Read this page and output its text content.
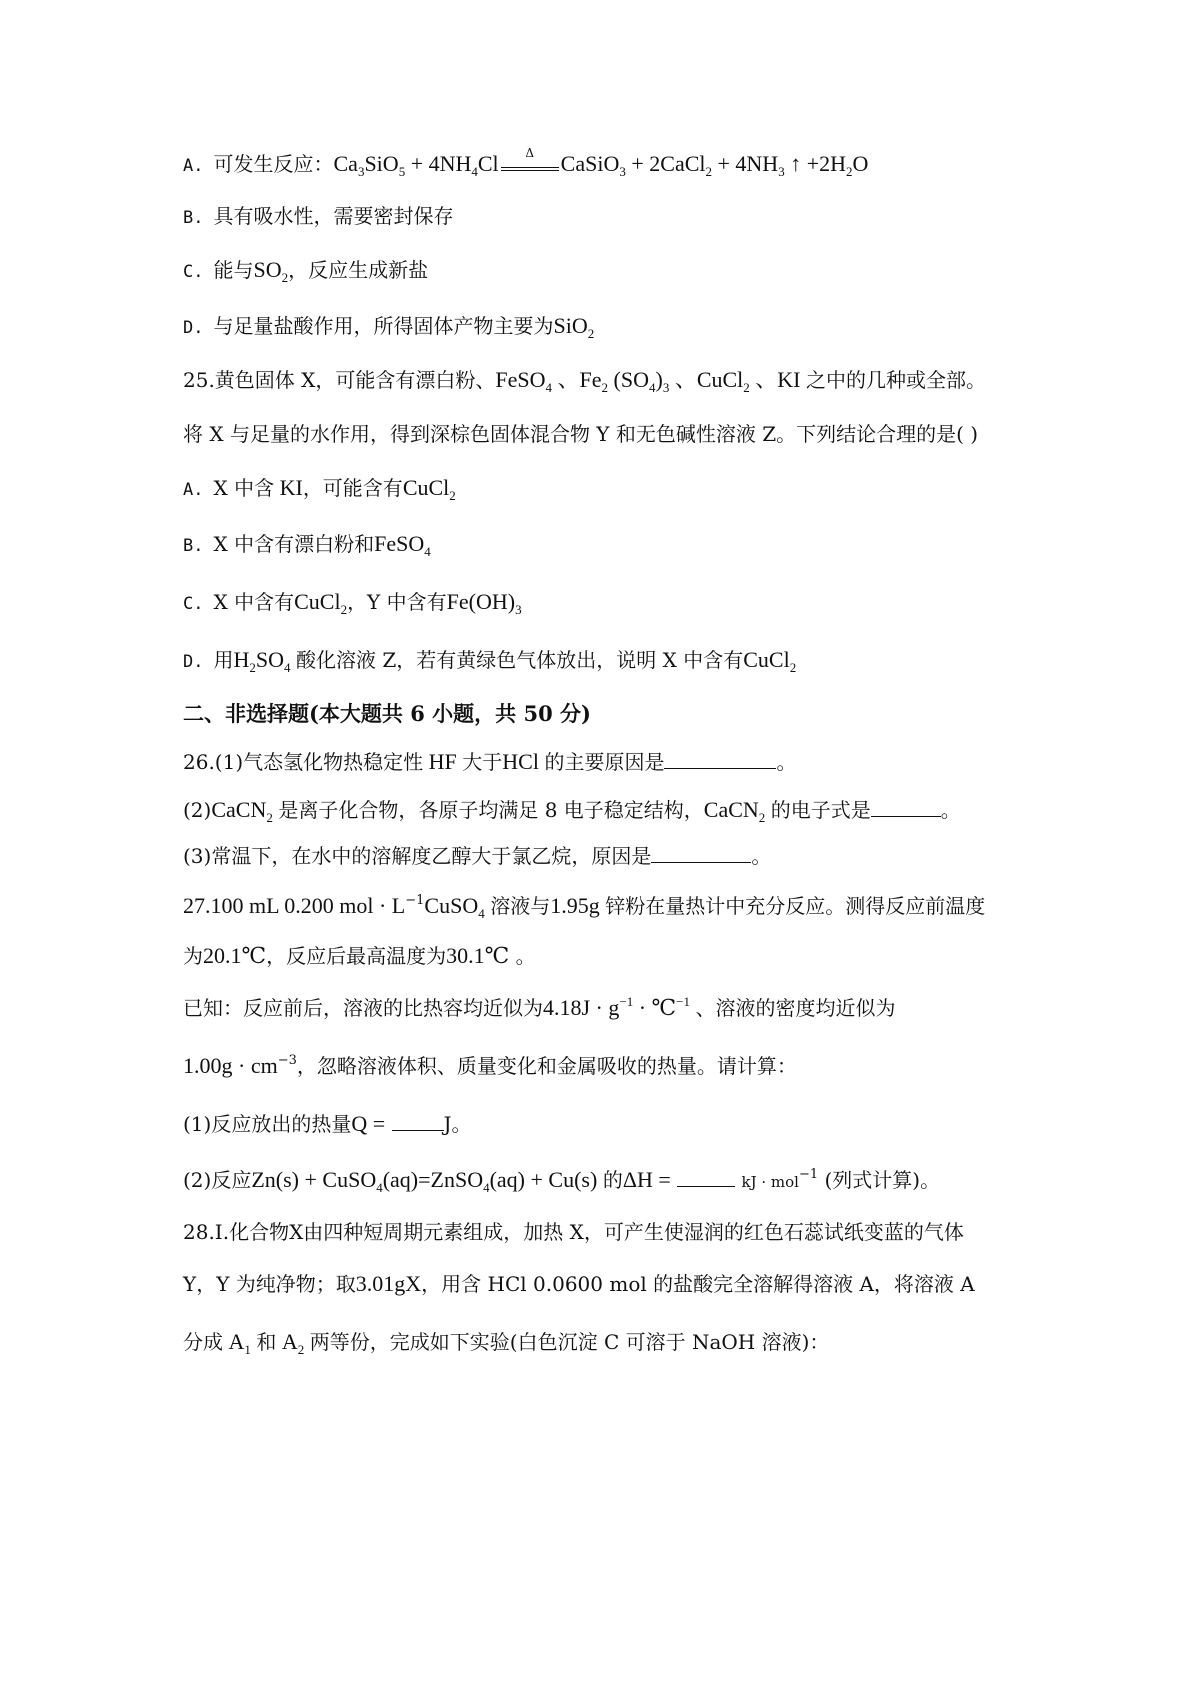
A. 可发生反应：$Ca_3SiO_5 + 4NH_4Cl$	Δ	CaSiO$_3$ + 2CaCl$_2$ + $4NH_3$ ↑ $+2H_2O$
B. 具有吸水性，需要密封保存
C. 能与$SO_2$，反应生成新盐
D. 与足量盐酸作用，所得固体产物主要为SiO$_2$
25.黄色固体 X，可能含有漂白粉、FeSO$_4$ 、$Fe_2$ $(SO_4)_3$ 、CuCl$_2$ 、KI 之中的几种或全部。
将 X 与足量的水作用，得到深棕色固体混合物 Y 和无色碱性溶液 Z。下列结论合理的是( )
A. X 中含 KI，可能含有CuCl$_2$
B. X 中含有漂白粉和FeSO$_4$
C. X 中含有CuCl$_2$，Y 中含有$Fe(OH)_3$
D. 用$H_2SO_4$ 酸化溶液 Z，若有黄绿色气体放出，说明 X 中含有CuCl$_2$
二、非选择题(本大题共 6 小题，共 50 分)
26.(1)气态氢化物热稳定性 HF 大于HCl 的主要原因是	。
(2)CaCN$_2$ 是离子化合物，各原子均满足 8 电子稳定结构，CaCN$_2$ 的电子式是	。
(3)常温下，在水中的溶解度乙醇大于氯乙烷，原因是	。
27.100 mL 0.200 mol · $L^{-1}CuSO_4$ 溶液与1.95g 锌粉在量热计中充分反应。测得反应前温度
为20.1℃，反应后最高温度为30.1℃ 。
已知：反应前后，溶液的比热容均近似为$4.18J \cdot g^{-1}$ · ℃$^{-1}$ 、溶液的密度均近似为
$1.00g \cdot cm^{-3}$，忽略溶液体积、质量变化和金属吸收的热量。请计算：
(1)反应放出的热量Q =	J。
(2)反应Zn(s) + CuSO$_4$(aq)=ZnSO$_4$(aq) + Cu(s) 的ΔH =	kJ · mol$^{-1}$ (列式计算)。
28.Ⅰ.化合物X由四种短周期元素组成，加热 X，可产生使湿润的红色石蕊试纸变蓝的气体
Y，Y 为纯净物；取3.01gX，用含 HCl 0.0600 mol 的盐酸完全溶解得溶液 A，将溶液 A
分成 $A_1$ 和 $A_2$ 两等份，完成如下实验(白色沉淀 C 可溶于 NaOH 溶液)：
